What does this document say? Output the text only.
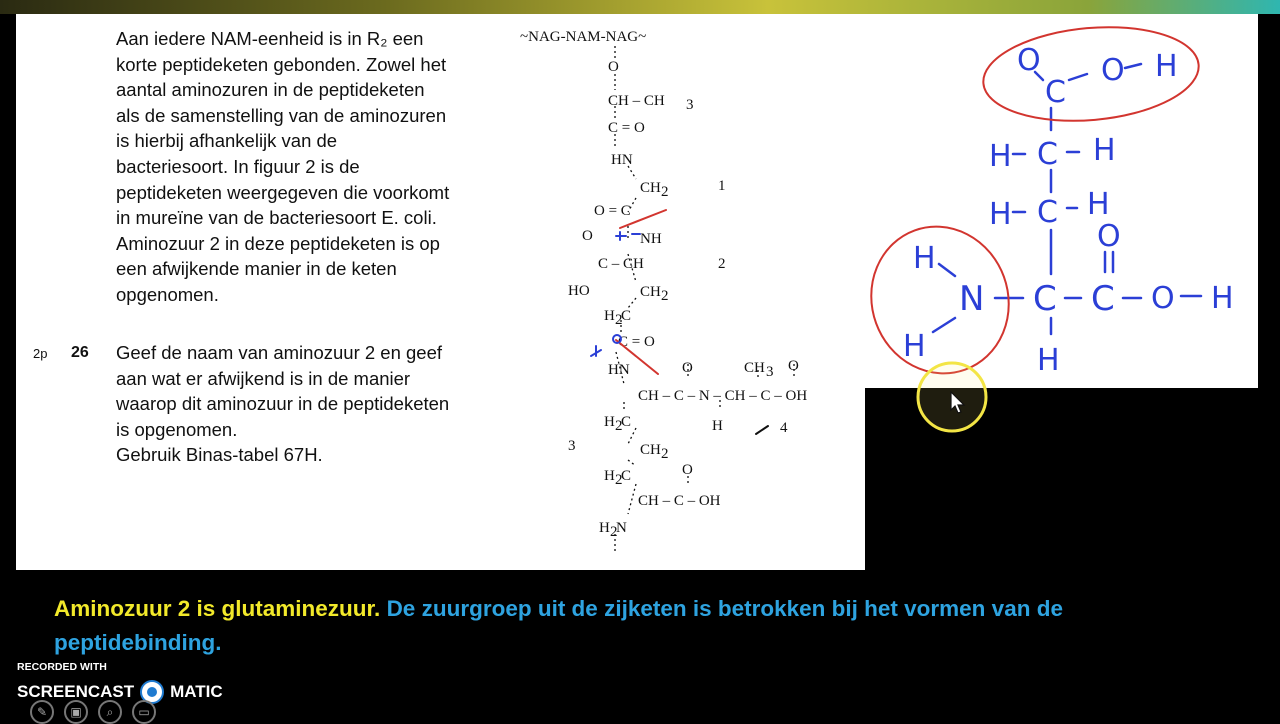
Aan iedere NAM-eenheid is in R₂ een
korte peptideketen gebonden. Zowel het
aantal aminozuren in de peptideketen
als de samenstelling van de aminozuren
is hierbij afhankelijk van de
bacteriesoort. In figuur 2 is de
peptideketen weergegeven die voorkomt
in mureïne van de bacteriesoort E. coli.
Aminozuur 2 in deze peptideketen is op
een afwijkende manier in de keten
opgenomen.

2p 26 Geef de naam van aminozuur 2 en geef
aan wat er afwijkend is in de manier
waarop dit aminozuur in de peptideketen
is opgenomen.
Gebruik Binas-tabel 67H.

~NAG-NAM-NAG~
O
CH – CH 3
C = O
HN
CH 2	1
O = C
NH
O
C – CH	2
HO	CH 2
H 2
C
C = O
HN	O	CH 3 O
CH – C – N – CH – C – OH
H	4
3
H 2
C
CH 2
H 2
C	O
CH – C – OH
H 2
N
O
C
O H
H C H
H C H
O
H
N C C O H
H	H

Aminozuur 2 is glutaminezuur. De zuurgroep uit de zijketen is betrokken bij het vormen van de peptidebinding.

RECORDED WITH
SCREENCAST MATIC
✎	▣	⌕	▭
